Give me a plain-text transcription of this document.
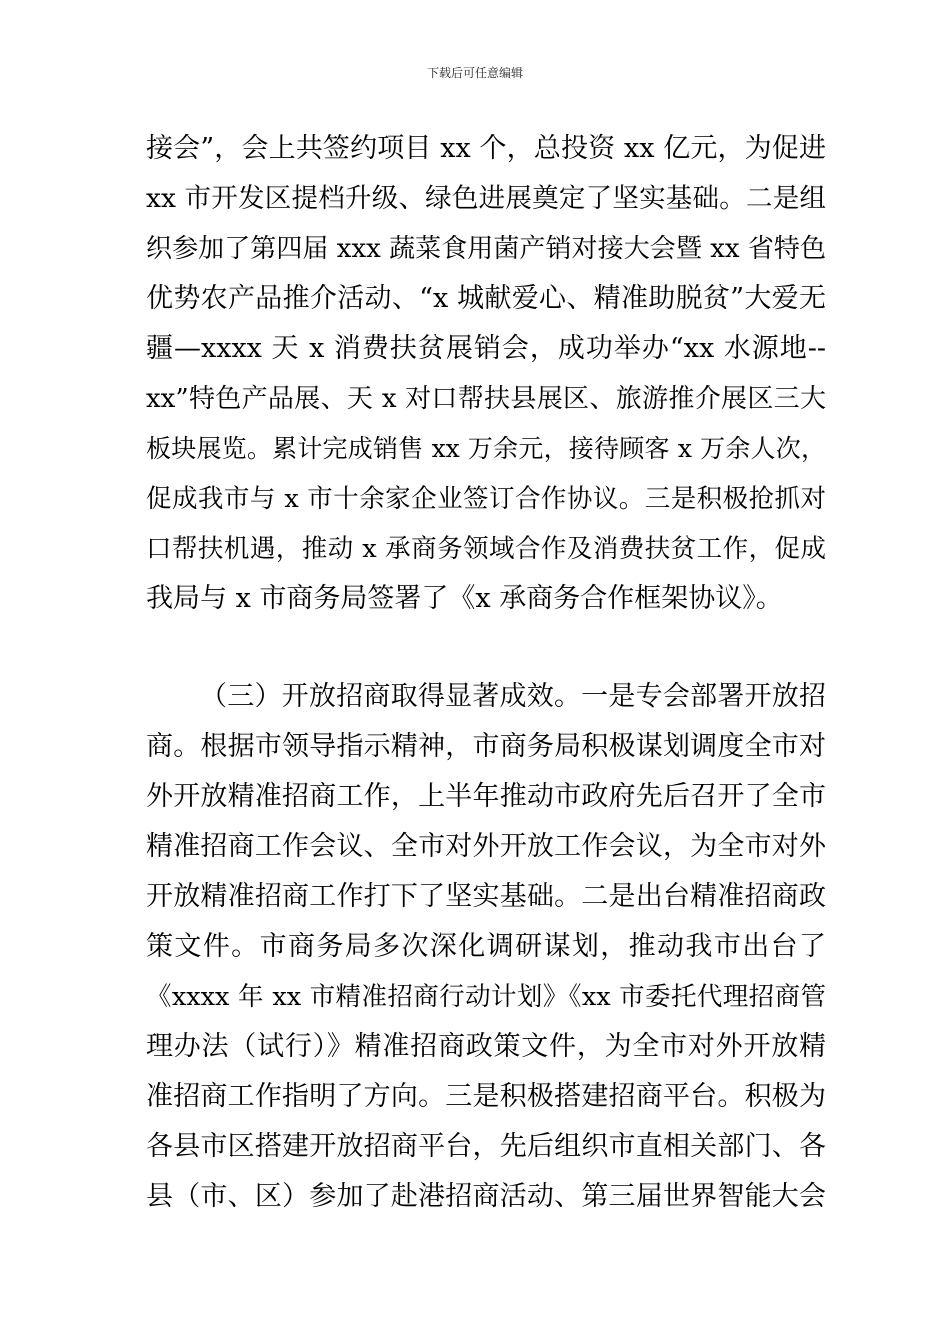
下载后可任意编辑
接会”，会上共签约项目 xx 个，总投资 xx 亿元，为促进
xx 市开发区提档升级、绿色进展奠定了坚实基础。二是组
织参加了第四届 xxx 蔬菜食用菌产销对接大会暨 xx 省特色
优势农产品推介活动、“x 城献爱心、精准助脱贫”大爱无
疆—xxxx 天 x 消费扶贫展销会，成功举办“xx 水源地--
xx”特色产品展、天 x 对口帮扶县展区、旅游推介展区三大
板块展览。累计完成销售 xx 万余元，接待顾客 x 万余人次，
促成我市与 x 市十余家企业签订合作协议。三是积极抢抓对
口帮扶机遇，推动 x 承商务领域合作及消费扶贫工作，促成
我局与 x 市商务局签署了《x 承商务合作框架协议》。
（三）开放招商取得显著成效。一是专会部署开放招
商。根据市领导指示精神，市商务局积极谋划调度全市对
外开放精准招商工作，上半年推动市政府先后召开了全市
精准招商工作会议、全市对外开放工作会议，为全市对外
开放精准招商工作打下了坚实基础。二是出台精准招商政
策文件。市商务局多次深化调研谋划，推动我市出台了
《xxxx 年 xx 市精准招商行动计划》《xx 市委托代理招商管
理办法（试行）》精准招商政策文件，为全市对外开放精
准招商工作指明了方向。三是积极搭建招商平台。积极为
各县市区搭建开放招商平台，先后组织市直相关部门、各
县（市、区）参加了赴港招商活动、第三届世界智能大会
